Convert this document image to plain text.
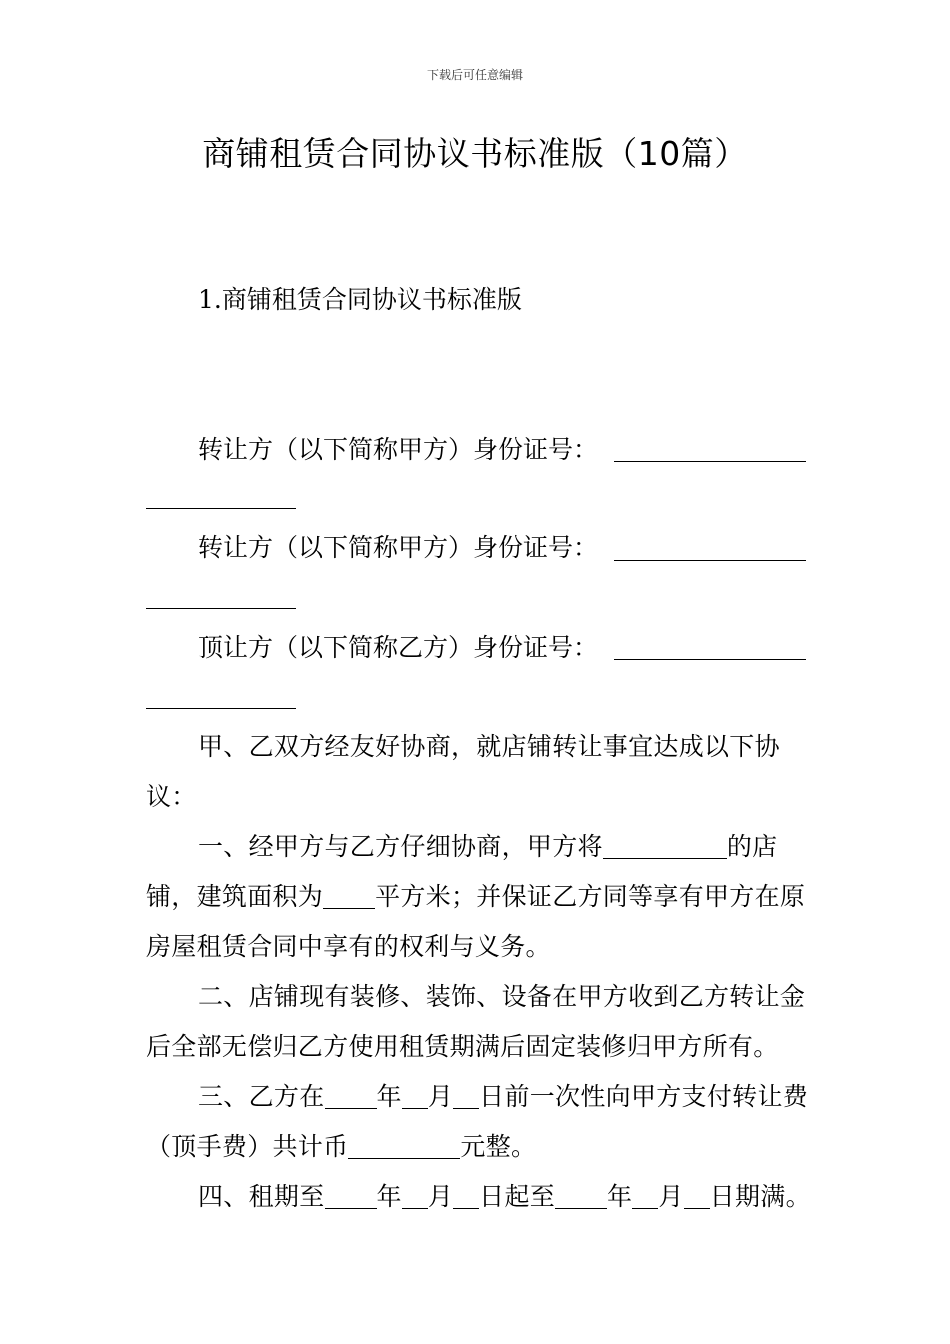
下载后可任意编辑
商铺租赁合同协议书标准版（10篇）
1.商铺租赁合同协议书标准版
转让方（以下简称甲方）身份证号：
转让方（以下简称甲方）身份证号：
顶让方（以下简称乙方）身份证号：

甲、乙双方经友好协商，就店铺转让事宜达成以下协议：

一、经甲方与乙方仔细协商，甲方将	的店铺，建筑面积为 平方米；并保证乙方同等享有甲方在原房屋租赁合同中享有的权利与义务。

二、店铺现有装修、装饰、设备在甲方收到乙方转让金后全部无偿归乙方使用租赁期满后固定装修归甲方所有。

三、乙方在 年 月 日前一次性向甲方支付转让费（顶手费）共计币	元整。

四、租期至 年 月 日起至 年 月 日期满。
